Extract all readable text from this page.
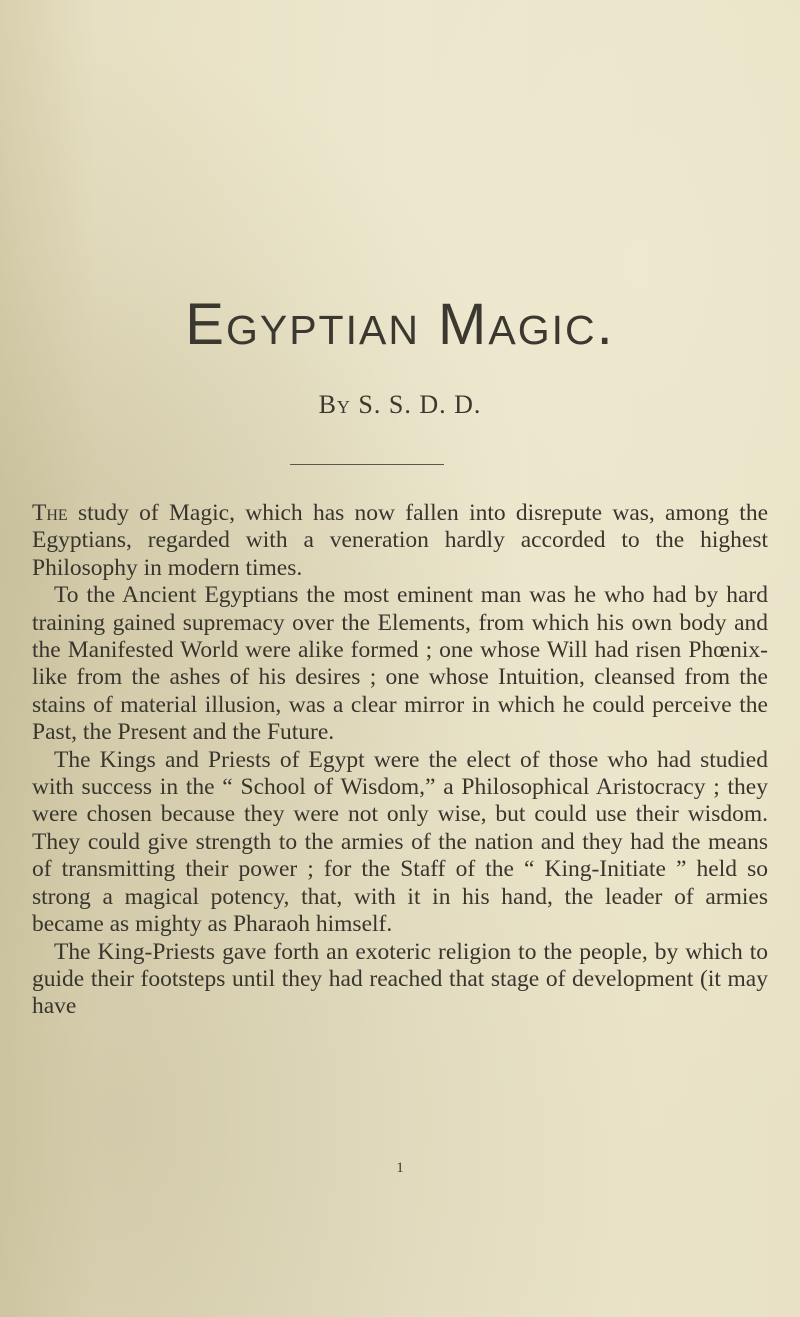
Egyptian Magic.
By S. S. D. D.

The study of Magic, which has now fallen into disrepute was, among the Egyptians, regarded with a veneration hardly accorded to the highest Philosophy in modern times.

To the Ancient Egyptians the most eminent man was he who had by hard training gained supremacy over the Elements, from which his own body and the Manifested World were alike formed ; one whose Will had risen Phœnix-like from the ashes of his desires ; one whose Intuition, cleansed from the stains of material illusion, was a clear mirror in which he could perceive the Past, the Present and the Future.

The Kings and Priests of Egypt were the elect of those who had studied with success in the “ School of Wisdom,” a Philosophical Aristocracy ; they were chosen because they were not only wise, but could use their wisdom. They could give strength to the armies of the nation and they had the means of transmitting their power ; for the Staff of the “ King-Initiate ” held so strong a magical potency, that, with it in his hand, the leader of armies became as mighty as Pharaoh himself.

The King-Priests gave forth an exoteric religion to the people, by which to guide their footsteps until they had reached that stage of development (it may have

1
